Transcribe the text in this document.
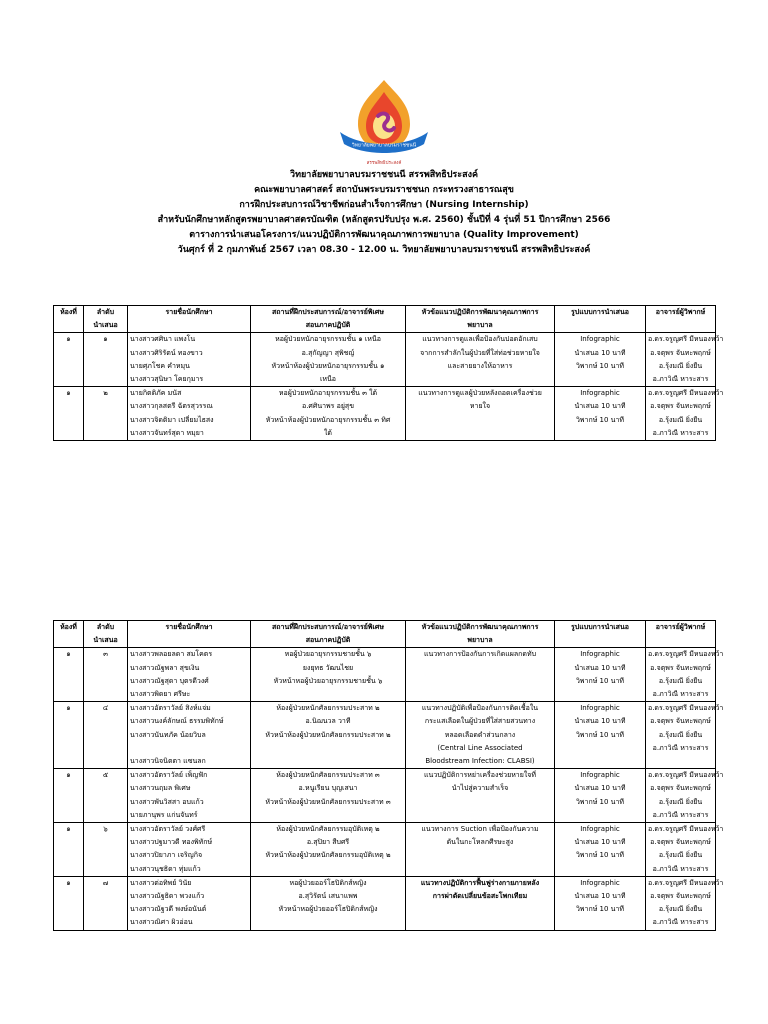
วิทยาลัยพยาบาลบรมราชชนนี
สรรพสิทธิประสงค์
วิทยาลัยพยาบาลบรมราชชนนี สรรพสิทธิประสงค์
คณะพยาบาลศาสตร์ สถาบันพระบรมราชชนก กระทรวงสาธารณสุข
การฝึกประสบการณ์วิชาชีพก่อนสำเร็จการศึกษา (Nursing Internship)
สำหรับนักศึกษาหลักสูตรพยาบาลศาสตรบัณฑิต (หลักสูตรปรับปรุง พ.ศ. 2560) ชั้นปีที่ 4 รุ่นที่ 51 ปีการศึกษา 2566
ตารางการนำเสนอโครงการ/แนวปฏิบัติการพัฒนาคุณภาพการพยาบาล (Quality Improvement)
วันศุกร์ ที่ 2 กุมภาพันธ์ 2567 เวลา 08.30 - 12.00 น. วิทยาลัยพยาบาลบรมราชชนนี สรรพสิทธิประสงค์
ห้องที่	ลำดับ
นำเสนอ	รายชื่อนักศึกษา	สถานที่ฝึกประสบการณ์/อาจารย์พิเศษ
สอนภาคปฏิบัติ	หัวข้อแนวปฏิบัติการพัฒนาคุณภาพการ
พยาบาล	รูปแบบการนำเสนอ	อาจารย์ผู้วิพากษ์
๑	๑	นางสาวศศินา แพงโน
นางสาวศิริรัตน์ ทองขาว
นายศุภโชค คำหมุน
นางสาวสุนิษา โคยกุมาร	หอผู้ป่วยหนักอายุรกรรมชั้น ๑ เหนือ
อ.สุกัญญา สุพิชญ์
หัวหน้าห้องผู้ป่วยหนักอายุรกรรมชั้น ๑
เหนือ	แนวทางการดูแลเพื่อป้องกันปอดอักเสบ
จากการสำลักในผู้ป่วยที่ใส่ท่อช่วยหายใจ
และสายยางให้อาหาร	Infographic
นำเสนอ 10 นาที
วิพากษ์ 10 นาที	อ.ดร.จรูญศรี มีหนองหว้า
อ.จตุพร จันทะพฤกษ์
อ.รุ้งมณี ยิ่งยืน
อ.ภาวิณี หาระสาร

๑	๒	นายกิตติภัค มนัส
นางสาวกุลสตรี ฉัตรสุวรรณ
นางสาวจิดติมา เปลี่ยมไธสง
นางสาวจันทร์สุดา หมุยา	หอผู้ป่วยหนักอายุรกรรมชั้น ๓ ใต้
อ.ศศินาพร อยู่สุข
หัวหน้าห้องผู้ป่วยหนักอายุรกรรมชั้น ๓ ทิศ
ใต้	แนวทางการดูแลผู้ป่วยหลังถอดเครื่องช่วย
หายใจ	Infographic
นำเสนอ 10 นาที
วิพากษ์ 10 นาที	อ.ดร.จรูญศรี มีหนองหว้า
อ.จตุพร จันทะพฤกษ์
อ.รุ้งมณี ยิ่งยืน
อ.ภาวิณี หาระสาร
ห้องที่	ลำดับ
นำเสนอ	รายชื่อนักศึกษา	สถานที่ฝึกประสบการณ์/อาจารย์พิเศษ
สอนภาคปฏิบัติ	หัวข้อแนวปฏิบัติการพัฒนาคุณภาพการ
พยาบาล	รูปแบบการนำเสนอ	อาจารย์ผู้วิพากษ์
๑	๓	นางสาวพลอยลดา สมโคตร
นางสาวณัฐพลา สุขเงิน
นางสาวณัฐสุดา บุตรดีวงศ์
นางสาวพิดยา ศรีษะ	หอผู้ป่วยอายุรกรรมชายชั้น ๖
ยงยุทธ วัฒนไชย
หัวหน้าหอผู้ป่วยอายุรกรรมชายชั้น ๖	แนวทางการป้องกันการเกิดแผลกดทับ	Infographic
นำเสนอ 10 นาที
วิพากษ์ 10 นาที	อ.ดร.จรูญศรี มีหนองหว้า
อ.จตุพร จันทะพฤกษ์
อ.รุ้งมณี ยิ่งยืน
อ.ภาวิณี หาระสาร

๑	๔	นางสาวอัตราวัลย์ สิงห์แจ่ม
นางสาวนงค์ลักษณ์ ธรรมพิทักษ์
นางสาวนันทภัค น้อยวิบล

นางสาวนิจนิตตา แซนลก	ห้องผู้ป่วยหนักศัลยกรรมประสาท ๒
อ.นิฌนวล วาที
หัวหน้าห้องผู้ป่วยหนักศัลยกรรมประสาท ๒	แนวทางปฏิบัติเพื่อป้องกันการติดเชื้อใน
กระแสเลือดในผู้ป่วยที่ใส่สายสวนทาง
หลอดเลือดดำส่วนกลาง
(Central Line Associated
Bloodstream Infection: CLABSI)	Infographic
นำเสนอ 10 นาที
วิพากษ์ 10 นาที	อ.ดร.จรูญศรี มีหนองหว้า
อ.จตุพร จันทะพฤกษ์
อ.รุ้งมณี ยิ่งยืน
อ.ภาวิณี หาระสาร

๑	๕	นางสาวอัตราวัลย์ เพ็ญฟัก
นางสาวนฤมล พิเศษ
นางสาวพันวิสสา อบแก้ว
นายภานุพร แก่นจันทร์	ห้องผู้ป่วยหนักศัลยกรรมประสาท ๓
อ.หนูเรียน บุญเสนา
หัวหน้าห้องผู้ป่วยหนักศัลยกรรมประสาท ๓	แนวปฏิบัติการหย่าเครื่องช่วยหายใจที่
นำไปสู่ความสำเร็จ	Infographic
นำเสนอ 10 นาที
วิพากษ์ 10 นาที	อ.ดร.จรูญศรี มีหนองหว้า
อ.จตุพร จันทะพฤกษ์
อ.รุ้งมณี ยิ่งยืน
อ.ภาวิณี หาระสาร

๑	๖	นางสาวอัตราวัลย์ วงศ์ศรี
นางสาวปฐมาวดี ทองพิทักษ์
นางสาวปิยาภา เจริญกิจ
นางสาวนุชธิดา ทุ่มแก้ว	ห้องผู้ป่วยหนักศัลยกรรมอุบัติเหตุ ๒
อ.สุปิยา สืบศรี
หัวหน้าห้องผู้ป่วยหนักศัลยกรรมอุบัติเหตุ ๒	แนวทางการ Suction เพื่อป้องกันความ
ดันในกะโหลกศีรษะสูง	Infographic
นำเสนอ 10 นาที
วิพากษ์ 10 นาที	อ.ดร.จรูญศรี มีหนองหว้า
อ.จตุพร จันทะพฤกษ์
อ.รุ้งมณี ยิ่งยืน
อ.ภาวิณี หาระสาร

๑	๗	นางสาวต่อทิพย์ วินัย
นางสาวณัฐธิดา พวงแก้ว
นางสาวณัฐวดี พงษ์อนันต์
นางสาวณิศา ผิวอ่อน	หอผู้ป่วยออร์โธปิดิกส์หญิง
อ.สุวิรัตน์ เสนาแพพ
หัวหน้าหอผู้ป่วยออร์โธปิดิกส์หญิง	แนวทางปฏิบัติการฟื้นฟูร่างกายภายหลัง
การผ่าตัดเปลี่ยนข้อสะโพกเทียม	Infographic
นำเสนอ 10 นาที
วิพากษ์ 10 นาที	อ.ดร.จรูญศรี มีหนองหว้า
อ.จตุพร จันทะพฤกษ์
อ.รุ้งมณี ยิ่งยืน
อ.ภาวิณี หาระสาร
